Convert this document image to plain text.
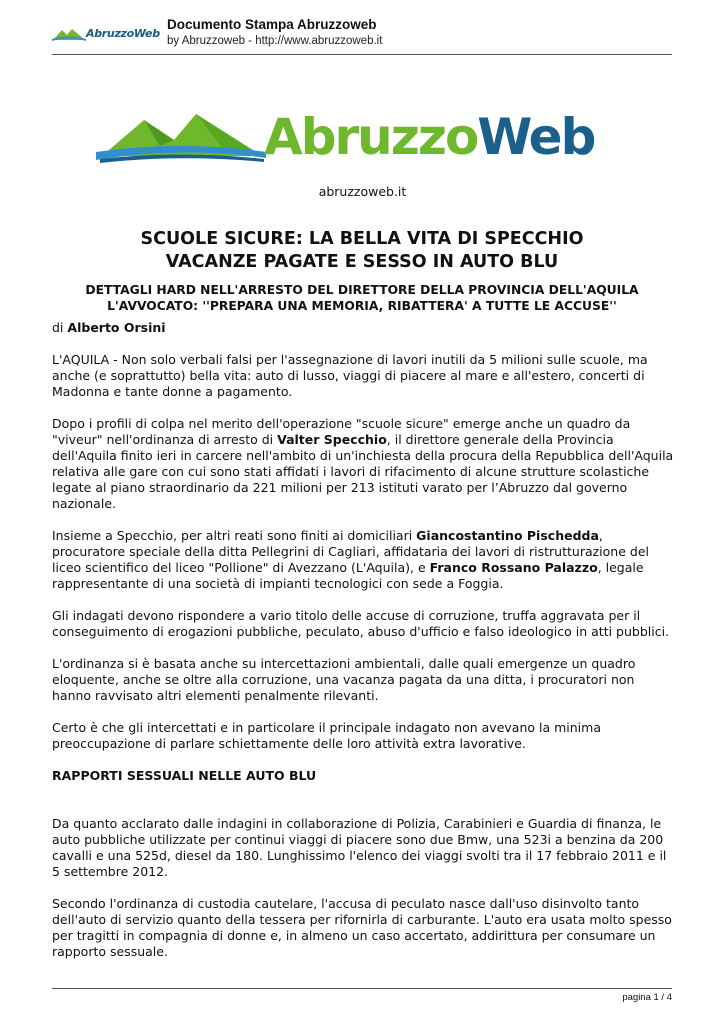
AbruzzoWeb
Documento Stampa Abruzzoweb
by Abruzzoweb - http://www.abruzzoweb.it
AbruzzoWeb
abruzzoweb.it
SCUOLE SICURE: LA BELLA VITA DI SPECCHIO
VACANZE PAGATE E SESSO IN AUTO BLU
DETTAGLI HARD NELL'ARRESTO DEL DIRETTORE DELLA PROVINCIA DELL'AQUILA
L'AVVOCATO: ''PREPARA UNA MEMORIA, RIBATTERA' A TUTTE LE ACCUSE''

di Alberto Orsini

L'AQUILA - Non solo verbali falsi per l'assegnazione di lavori inutili da 5 milioni sulle scuole, ma anche (e soprattutto) bella vita: auto di lusso, viaggi di piacere al mare e all'estero, concerti di Madonna e tante donne a pagamento.

Dopo i profili di colpa nel merito dell'operazione "scuole sicure" emerge anche un quadro da "viveur" nell'ordinanza di arresto di Valter Specchio, il direttore generale della Provincia dell'Aquila finito ieri in carcere nell'ambito di un'inchiesta della procura della Repubblica dell'Aquila relativa alle gare con cui sono stati affidati i lavori di rifacimento di alcune strutture scolastiche legate al piano straordinario da 221 milioni per 213 istituti varato per l’Abruzzo dal governo nazionale.

Insieme a Specchio, per altri reati sono finiti ai domiciliari Giancostantino Pischedda, procuratore speciale della ditta Pellegrini di Cagliari, affidataria dei lavori di ristrutturazione del liceo scientifico del liceo "Pollione" di Avezzano (L'Aquila), e Franco Rossano Palazzo, legale rappresentante di una società di impianti tecnologici con sede a Foggia.

Gli indagati devono rispondere a vario titolo delle accuse di corruzione, truffa aggravata per il conseguimento di erogazioni pubbliche, peculato, abuso d'ufficio e falso ideologico in atti pubblici.

L'ordinanza si è basata anche su intercettazioni ambientali, dalle quali emergenze un quadro eloquente, anche se oltre alla corruzione, una vacanza pagata da una ditta, i procuratori non hanno ravvisato altri elementi penalmente rilevanti.

Certo è che gli intercettati e in particolare il principale indagato non avevano la minima preoccupazione di parlare schiettamente delle loro attività extra lavorative.

RAPPORTI SESSUALI NELLE AUTO BLU

Da quanto acclarato dalle indagini in collaborazione di Polizia, Carabinieri e Guardia di finanza, le auto pubbliche utilizzate per continui viaggi di piacere sono due Bmw, una 523i a benzina da 200 cavalli e una 525d, diesel da 180. Lunghissimo l'elenco dei viaggi svolti tra il 17 febbraio 2011 e il 5 settembre 2012.

Secondo l'ordinanza di custodia cautelare, l'accusa di peculato nasce dall'uso disinvolto tanto dell'auto di servizio quanto della tessera per rifornirla di carburante. L'auto era usata molto spesso per tragitti in compagnia di donne e, in almeno un caso accertato, addirittura per consumare un rapporto sessuale.

pagina 1 / 4
